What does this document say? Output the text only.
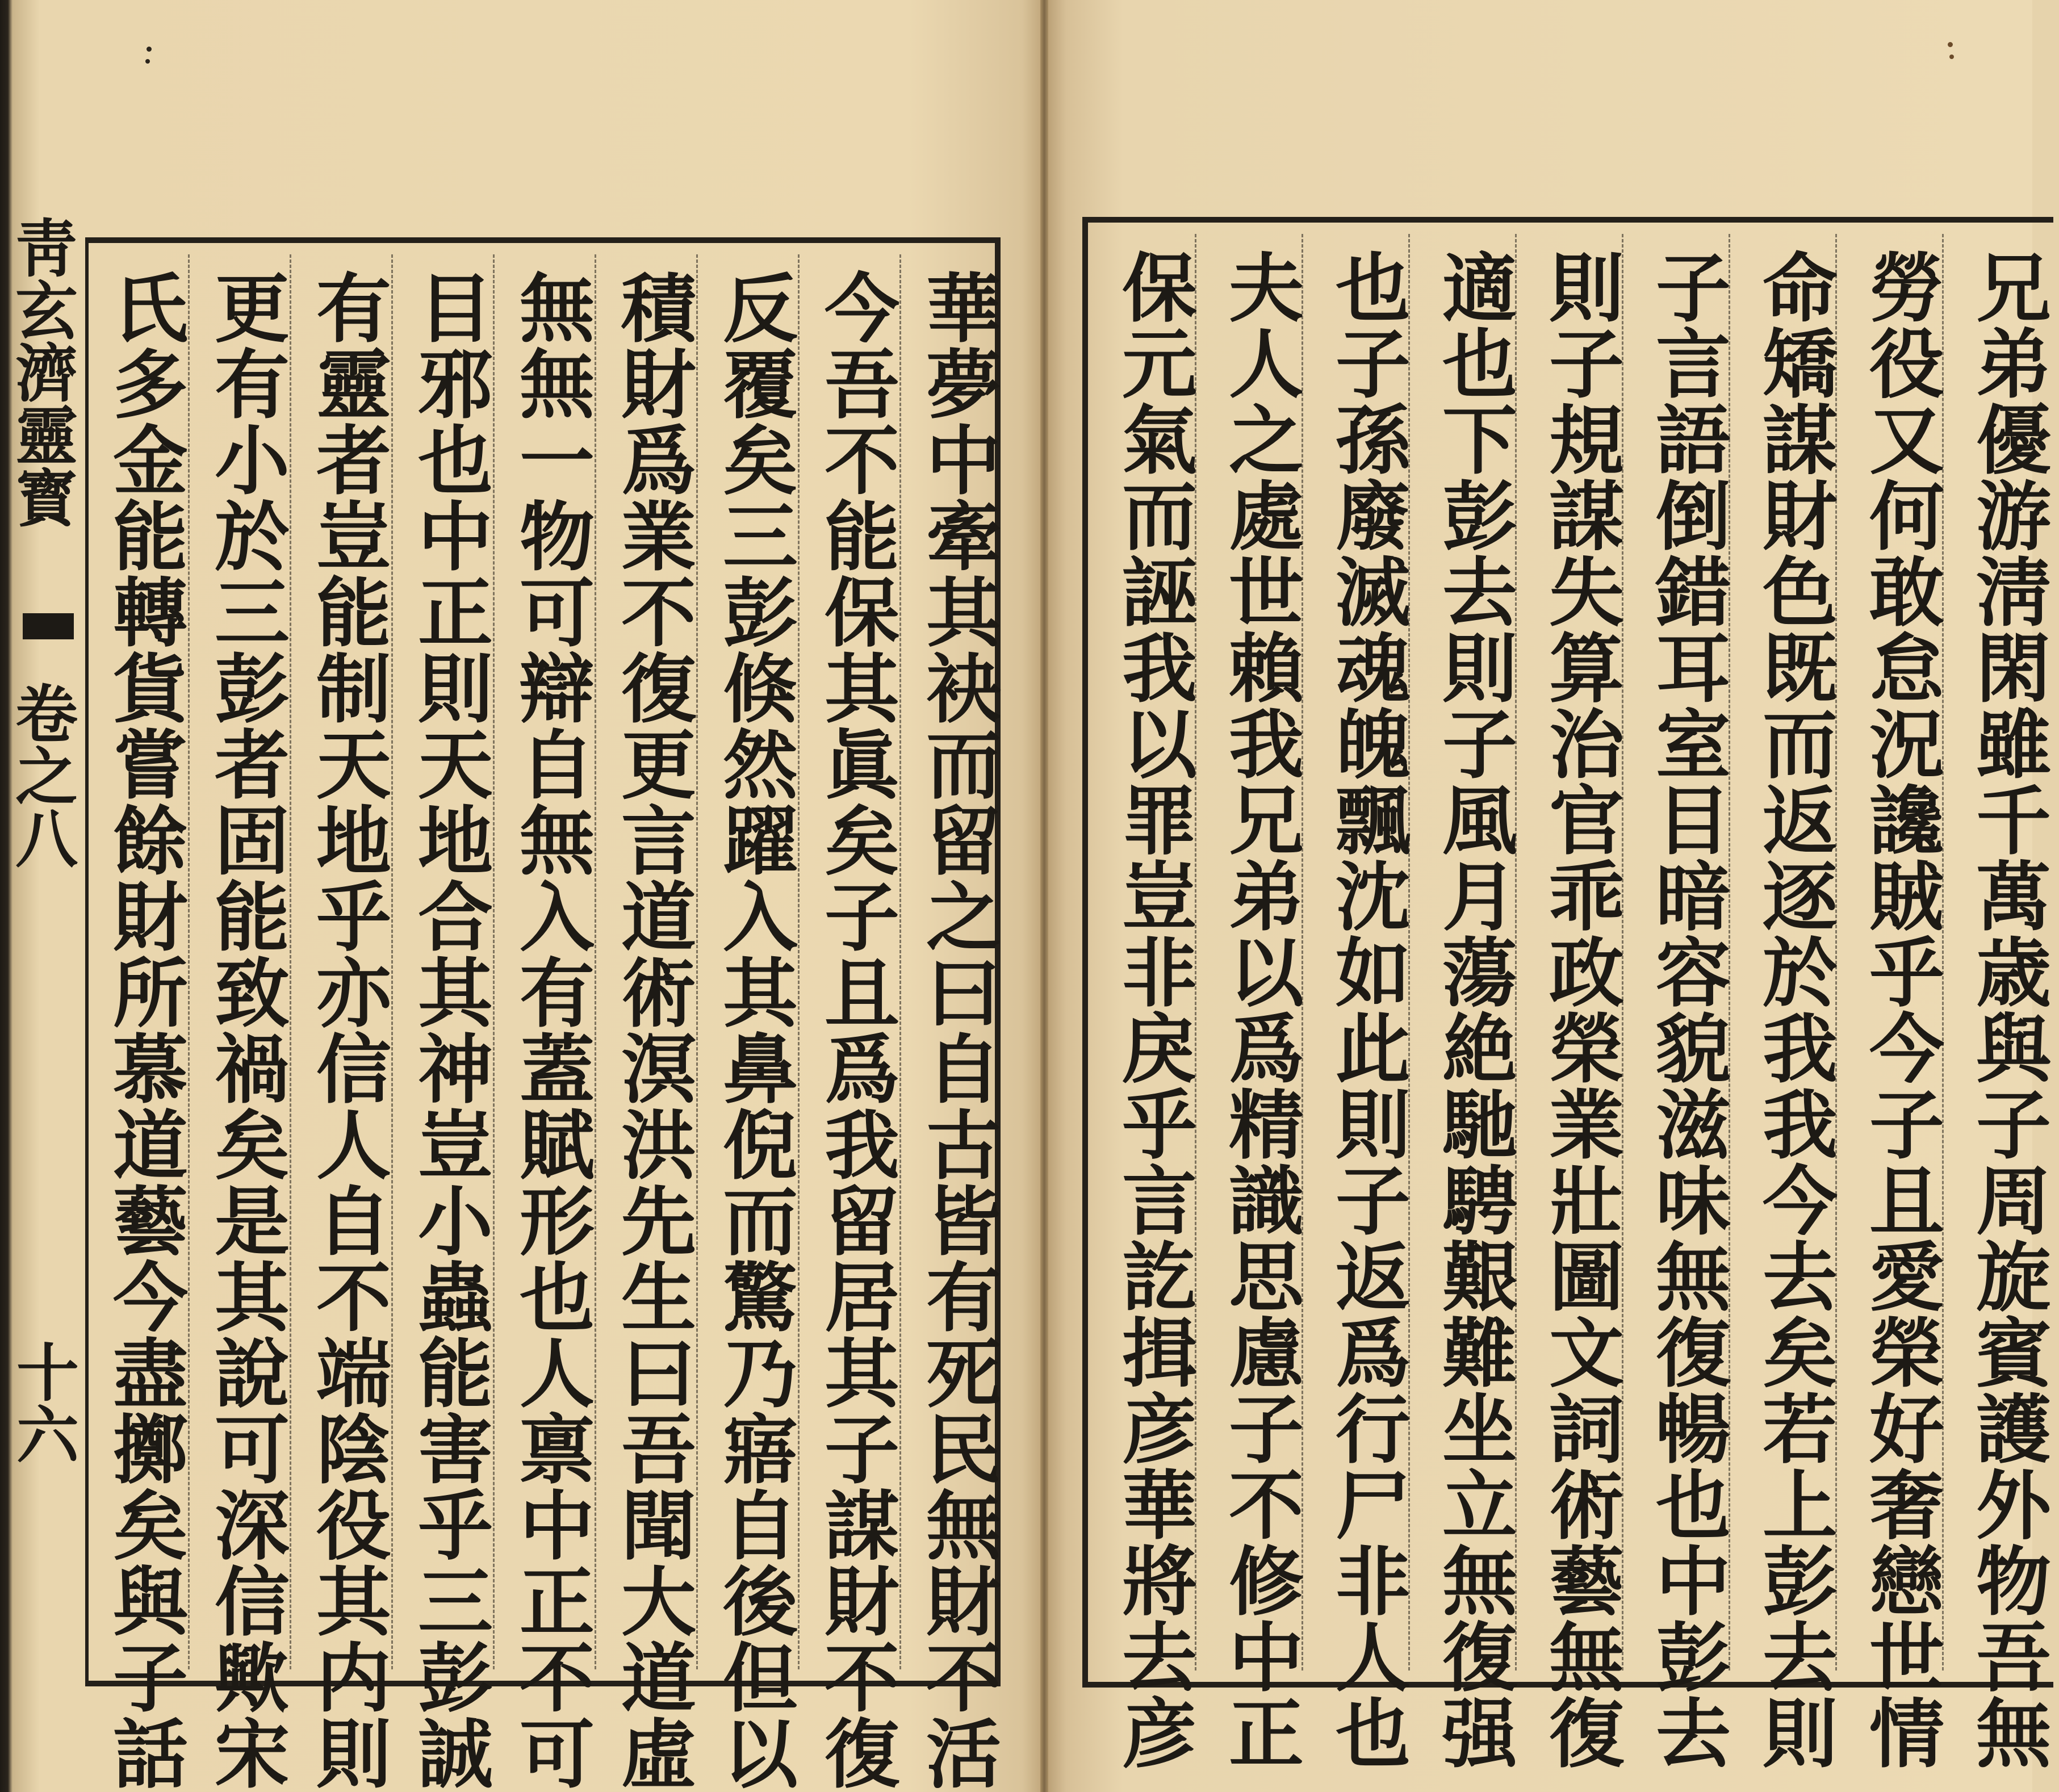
靑玄濟靈寳
卷之八
十六	華夢中牽其袂而留之曰自古皆有死民無財不活
今吾不能保其眞矣子且爲我留居其子謀財不復
反覆矣三彭倏然躍入其鼻倪而驚乃寤自後但以
積財爲業不復更言道術溟洪先生曰吾聞大道虛
無無一物可辯自無入有蓋賦形也人禀中正不可
目邪也中正則天地合其神豈小蟲能害乎三彭誠
有靈者豈能制天地乎亦信人自不端陰役其内則
更有小於三彭者固能致禍矣是其說可深信歟宋
氏多金能轉貨嘗餘財所慕道藝今盡擲矣與子話	兄弟優游淸閑雖千萬歳與子周旋賓護外物吾無
勞役又何敢怠況讒賊乎今子且愛榮好奢戀世情
命矯謀財色既而返逐於我我今去矣若上彭去則
子言語倒錯耳室目暗容貌滋味無復暢也中彭去
則子規謀失算治官乖政榮業壯圖文詞術藝無復
適也下彭去則子風月蕩絶馳騁艱難坐立無復强
也子孫廢滅魂魄飄沈如此則子返爲行尸非人也
夫人之處世賴我兄弟以爲精識思慮子不修中正
保元氣而誣我以罪豈非戾乎言訖揖彦華將去彦
